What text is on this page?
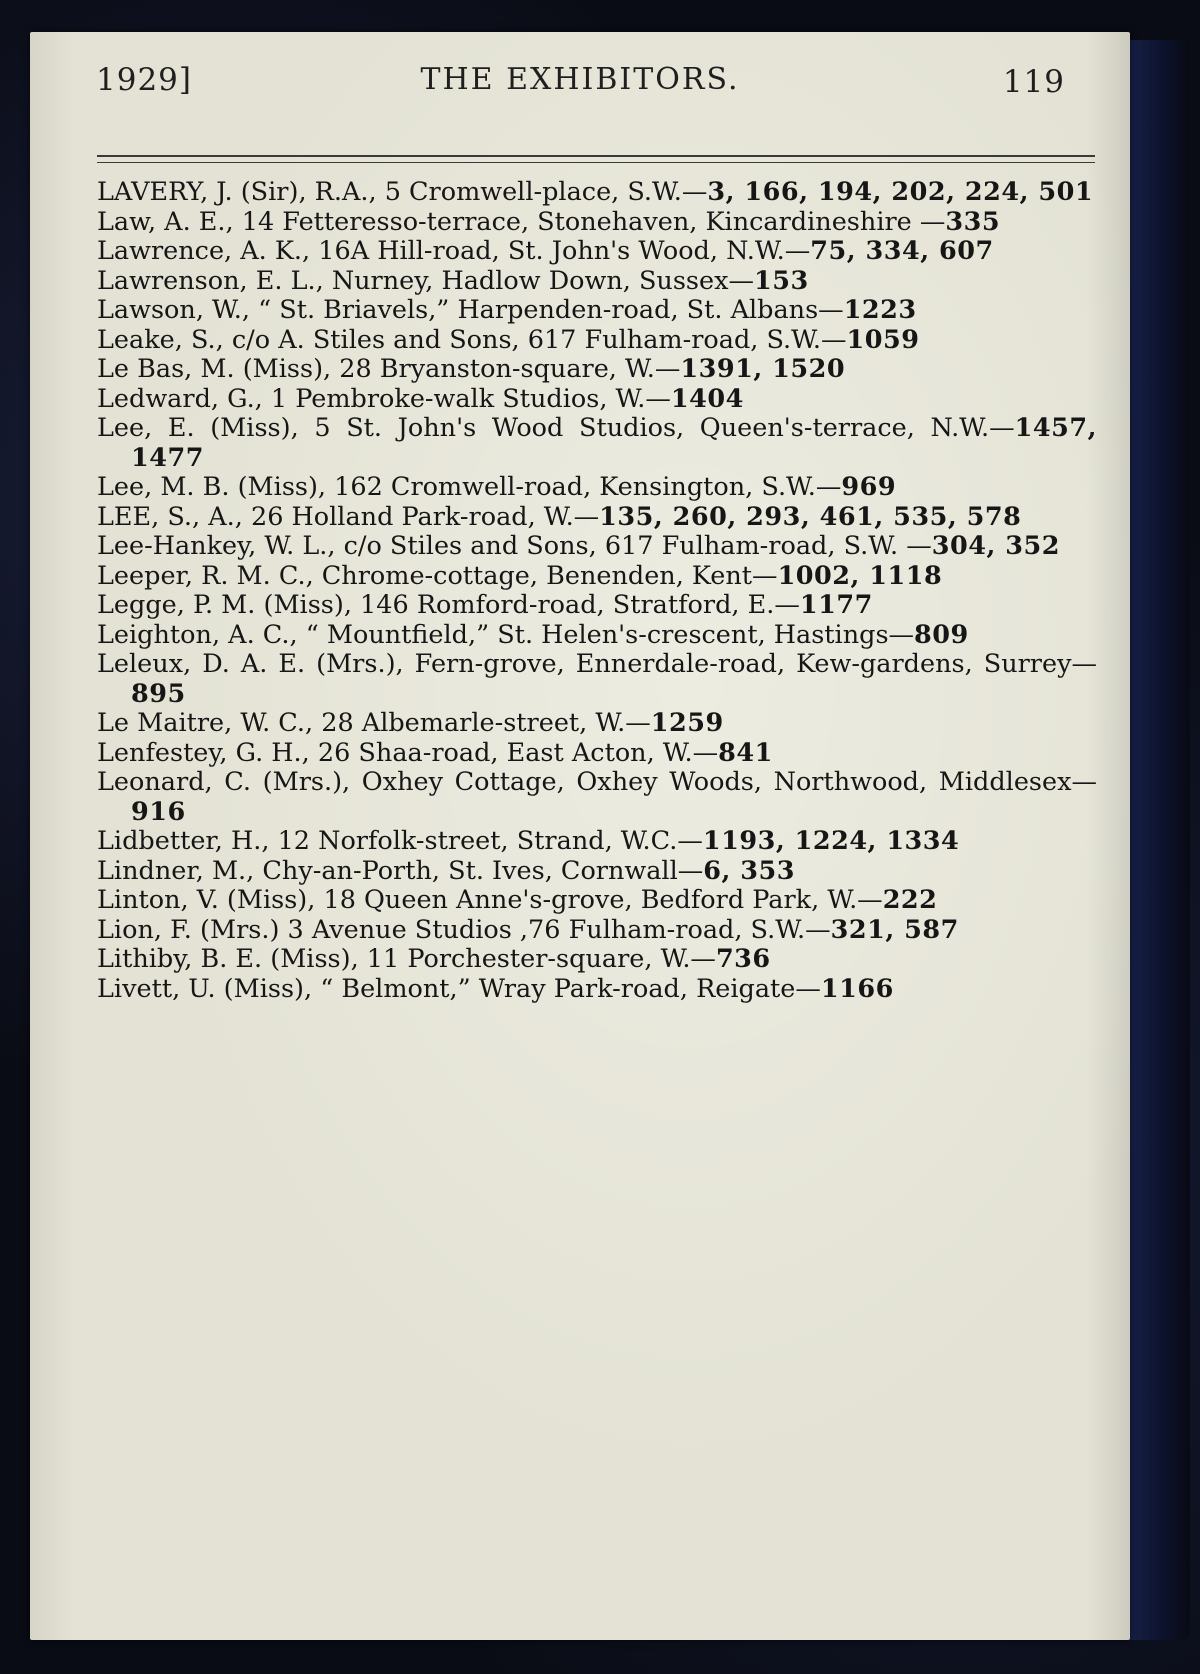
1929]	THE EXHIBITORS.	119
LAVERY, J. (Sir), R.A., 5 Cromwell-place, S.W.—3, 166, 194, 202, 224, 501
Law, A. E., 14 Fetteresso-terrace, Stonehaven, Kincardineshire —335
Lawrence, A. K., 16A Hill-road, St. John's Wood, N.W.—75, 334, 607
Lawrenson, E. L., Nurney, Hadlow Down, Sussex—153
Lawson, W., “ St. Briavels,” Harpenden-road, St. Albans—1223
Leake, S., c/o A. Stiles and Sons, 617 Fulham-road, S.W.—1059
Le Bas, M. (Miss), 28 Bryanston-square, W.—1391, 1520
Ledward, G., 1 Pembroke-walk Studios, W.—1404
Lee, E. (Miss), 5 St. John's Wood Studios, Queen's-terrace, N.W.—1457, 1477
Lee, M. B. (Miss), 162 Cromwell-road, Kensington, S.W.—969
LEE, S., A., 26 Holland Park-road, W.—135, 260, 293, 461, 535, 578
Lee-Hankey, W. L., c/o Stiles and Sons, 617 Fulham-road, S.W. —304, 352
Leeper, R. M. C., Chrome-cottage, Benenden, Kent—1002, 1118
Legge, P. M. (Miss), 146 Romford-road, Stratford, E.—1177
Leighton, A. C., “ Mountfield,” St. Helen's-crescent, Hastings—809
Leleux, D. A. E. (Mrs.), Fern-grove, Ennerdale-road, Kew-gardens, Surrey—895
Le Maitre, W. C., 28 Albemarle-street, W.—1259
Lenfestey, G. H., 26 Shaa-road, East Acton, W.—841
Leonard, C. (Mrs.), Oxhey Cottage, Oxhey Woods, Northwood, Middlesex—916
Lidbetter, H., 12 Norfolk-street, Strand, W.C.—1193, 1224, 1334
Lindner, M., Chy-an-Porth, St. Ives, Cornwall—6, 353
Linton, V. (Miss), 18 Queen Anne's-grove, Bedford Park, W.—222
Lion, F. (Mrs.) 3 Avenue Studios ,76 Fulham-road, S.W.—321, 587
Lithiby, B. E. (Miss), 11 Porchester-square, W.—736
Livett, U. (Miss), “ Belmont,” Wray Park-road, Reigate—1166
